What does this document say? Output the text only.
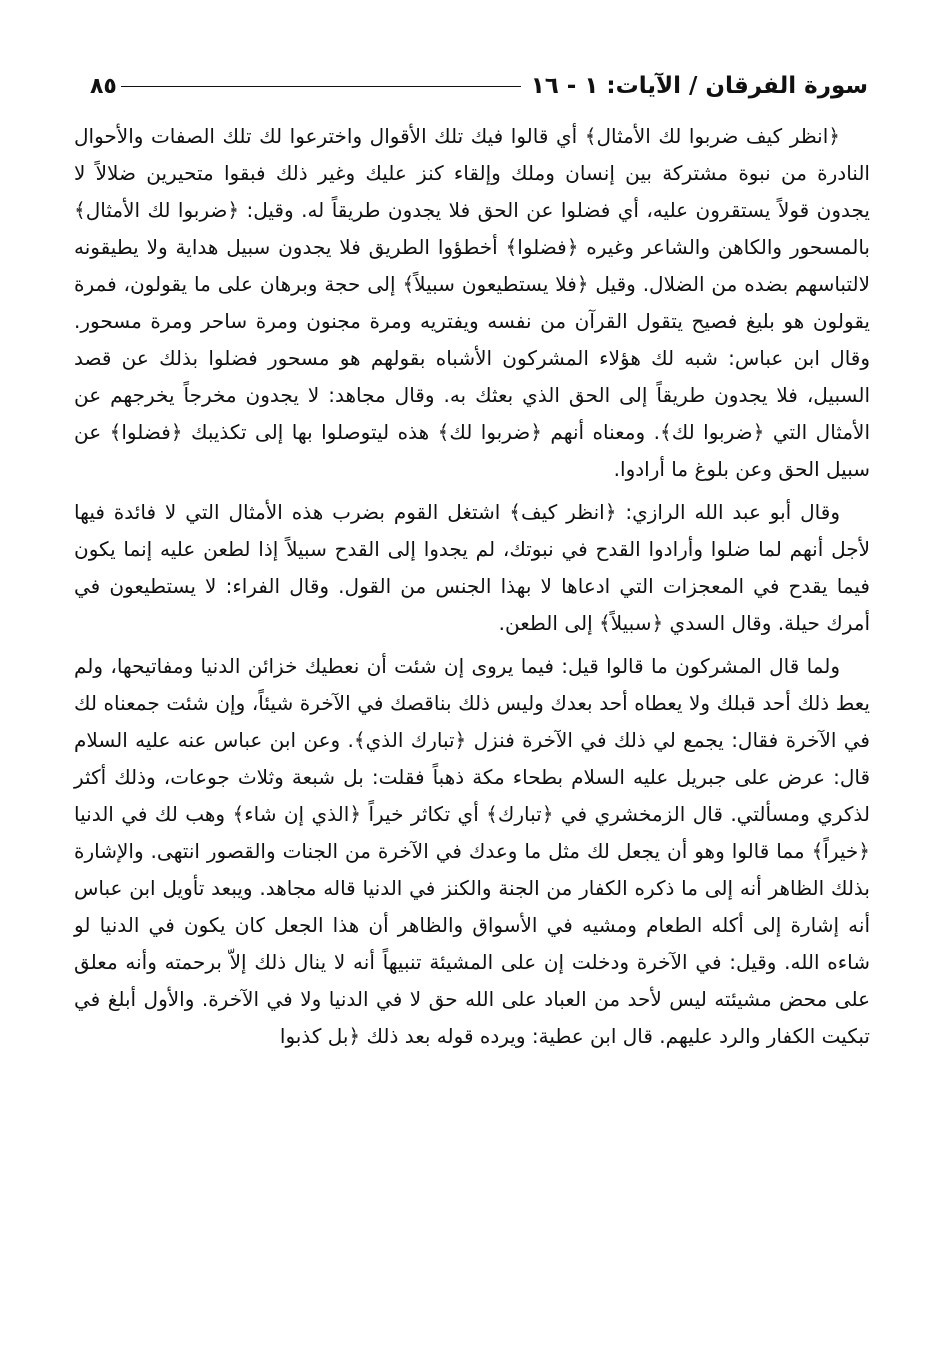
سورة الفرقان / الآيات: ١ - ١٦
٨٥

﴿انظر كيف ضربوا لك الأمثال﴾ أي قالوا فيك تلك الأقوال واخترعوا لك تلك الصفات والأحوال النادرة من نبوة مشتركة بين إنسان وملك وإلقاء كنز عليك وغير ذلك فبقوا متحيرين ضلالاً لا يجدون قولاً يستقرون عليه، أي فضلوا عن الحق فلا يجدون طريقاً له. وقيل: ﴿ضربوا لك الأمثال﴾ بالمسحور والكاهن والشاعر وغيره ﴿فضلوا﴾ أخطؤوا الطريق فلا يجدون سبيل هداية ولا يطيقونه لالتباسهم بضده من الضلال. وقيل ﴿فلا يستطيعون سبيلاً﴾ إلى حجة وبرهان على ما يقولون، فمرة يقولون هو بليغ فصيح يتقول القرآن من نفسه ويفتريه ومرة مجنون ومرة ساحر ومرة مسحور. وقال ابن عباس: شبه لك هؤلاء المشركون الأشباه بقولهم هو مسحور فضلوا بذلك عن قصد السبيل، فلا يجدون طريقاً إلى الحق الذي بعثك به. وقال مجاهد: لا يجدون مخرجاً يخرجهم عن الأمثال التي ﴿ضربوا لك﴾. ومعناه أنهم ﴿ضربوا لك﴾ هذه ليتوصلوا بها إلى تكذيبك ﴿فضلوا﴾ عن سبيل الحق وعن بلوغ ما أرادوا.

وقال أبو عبد الله الرازي: ﴿انظر كيف﴾ اشتغل القوم بضرب هذه الأمثال التي لا فائدة فيها لأجل أنهم لما ضلوا وأرادوا القدح في نبوتك، لم يجدوا إلى القدح سبيلاً إذا لطعن عليه إنما يكون فيما يقدح في المعجزات التي ادعاها لا بهذا الجنس من القول. وقال الفراء: لا يستطيعون في أمرك حيلة. وقال السدي ﴿سبيلاً﴾ إلى الطعن.

ولما قال المشركون ما قالوا قيل: فيما يروى إن شئت أن نعطيك خزائن الدنيا ومفاتيحها، ولم يعط ذلك أحد قبلك ولا يعطاه أحد بعدك وليس ذلك بناقصك في الآخرة شيئاً، وإن شئت جمعناه لك في الآخرة فقال: يجمع لي ذلك في الآخرة فنزل ﴿تبارك الذي﴾. وعن ابن عباس عنه عليه السلام قال: عرض على جبريل عليه السلام بطحاء مكة ذهباً فقلت: بل شبعة وثلاث جوعات، وذلك أكثر لذكري ومسألتي. قال الزمخشري في ﴿تبارك﴾ أي تكاثر خيراً ﴿الذي إن شاء﴾ وهب لك في الدنيا ﴿خيراً﴾ مما قالوا وهو أن يجعل لك مثل ما وعدك في الآخرة من الجنات والقصور انتهى. والإشارة بذلك الظاهر أنه إلى ما ذكره الكفار من الجنة والكنز في الدنيا قاله مجاهد. ويبعد تأويل ابن عباس أنه إشارة إلى أكله الطعام ومشيه في الأسواق والظاهر أن هذا الجعل كان يكون في الدنيا لو شاءه الله. وقيل: في الآخرة ودخلت إن على المشيئة تنبيهاً أنه لا ينال ذلك إلاّ برحمته وأنه معلق على محض مشيئته ليس لأحد من العباد على الله حق لا في الدنيا ولا في الآخرة. والأول أبلغ في تبكيت الكفار والرد عليهم. قال ابن عطية: ويرده قوله بعد ذلك ﴿بل كذبوا
